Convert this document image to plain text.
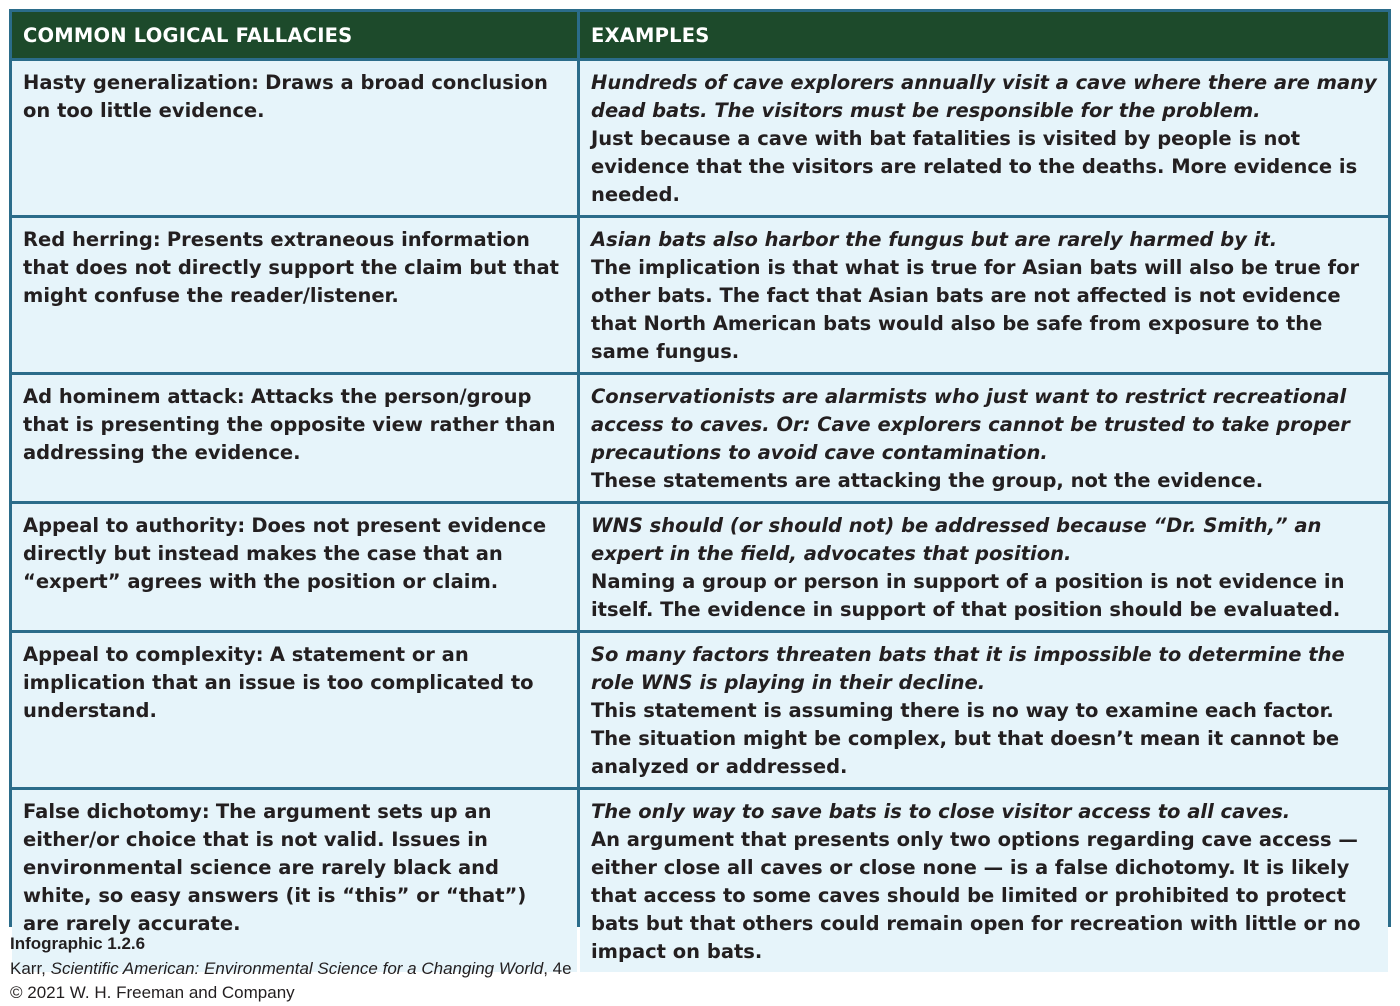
COMMON LOGICAL FALLACIES	EXAMPLES
Hasty generalization: Draws a broad conclusion on too little evidence.	Hundreds of cave explorers annually visit a cave where there are many dead bats. The visitors must be responsible for the problem.
Just because a cave with bat fatalities is visited by people is not evidence that the visitors are related to the deaths. More evidence is needed.

Red herring: Presents extraneous information that does not directly support the claim but that might confuse the reader/listener.	Asian bats also harbor the fungus but are rarely harmed by it.
The implication is that what is true for Asian bats will also be true for other bats. The fact that Asian bats are not affected is not evidence that North American bats would also be safe from exposure to the same fungus.

Ad hominem attack: Attacks the person/group that is presenting the opposite view rather than addressing the evidence.	Conservationists are alarmists who just want to restrict recreational access to caves. Or: Cave explorers cannot be trusted to take proper precautions to avoid cave contamination.
These statements are attacking the group, not the evidence.

Appeal to authority: Does not present evidence directly but instead makes the case that an “expert” agrees with the position or claim.	WNS should (or should not) be addressed because “Dr. Smith,” an expert in the field, advocates that position.
Naming a group or person in support of a position is not evidence in itself. The evidence in support of that position should be evaluated.

Appeal to complexity: A statement or an implication that an issue is too complicated to understand.	So many factors threaten bats that it is impossible to determine the role WNS is playing in their decline.
This statement is assuming there is no way to examine each factor. The situation might be complex, but that doesn’t mean it cannot be analyzed or addressed.

False dichotomy: The argument sets up an either/or choice that is not valid. Issues in environmental science are rarely black and white, so easy answers (it is “this” or “that”) are rarely accurate.	The only way to save bats is to close visitor access to all caves.
An argument that presents only two options regarding cave access — either close all caves or close none — is a false dichotomy. It is likely that access to some caves should be limited or prohibited to protect bats but that others could remain open for recreation with little or no impact on bats.
Infographic 1.2.6
Karr, Scientific American: Environmental Science for a Changing World, 4e
© 2021 W. H. Freeman and Company
